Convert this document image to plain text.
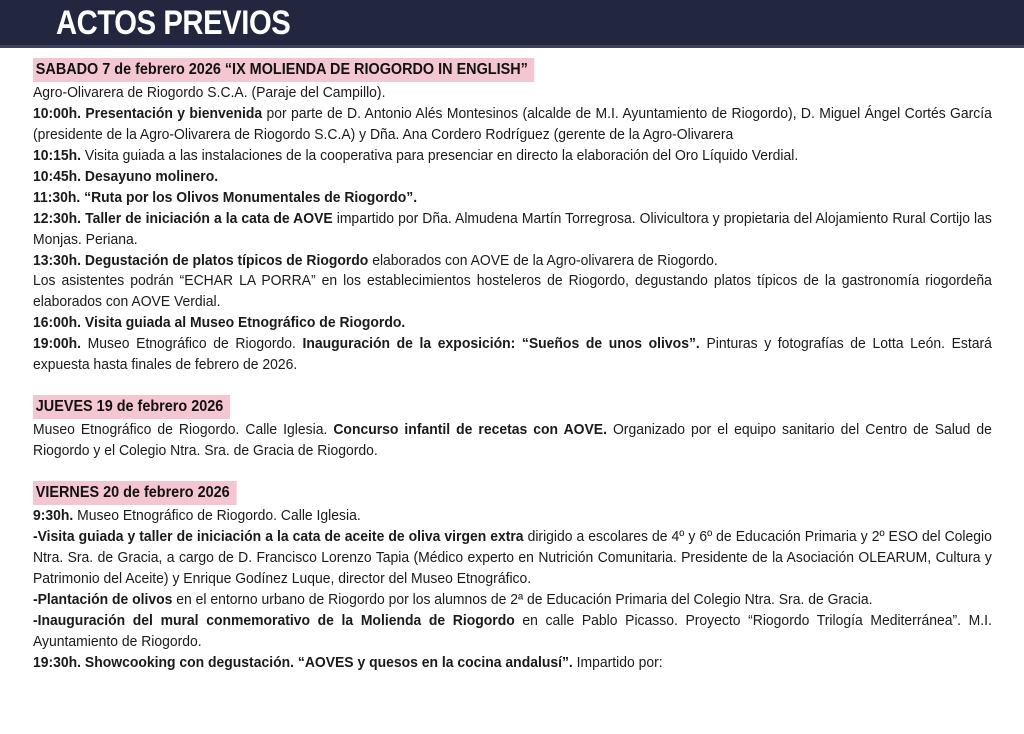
ACTOS PREVIOS
SABADO 7 de febrero 2026 “IX MOLIENDA DE RIOGORDO IN ENGLISH”

Agro-Olivarera de Riogordo S.C.A. (Paraje del Campillo).

10:00h. Presentación y bienvenida por parte de D. Antonio Alés Montesinos (alcalde de M.I. Ayuntamiento de Riogordo), D. Miguel Ángel Cortés García (presidente de la Agro-Olivarera de Riogordo S.C.A) y Dña. Ana Cordero Rodríguez (gerente de la Agro-Olivarera

10:15h. Visita guiada a las instalaciones de la cooperativa para presenciar en directo la elaboración del Oro Líquido Verdial.

10:45h. Desayuno molinero.

11:30h. “Ruta por los Olivos Monumentales de Riogordo”.

12:30h. Taller de iniciación a la cata de AOVE impartido por Dña. Almudena Martín Torregrosa. Olivicultora y propietaria del Alojamiento Rural Cortijo las Monjas. Periana.

13:30h. Degustación de platos típicos de Riogordo elaborados con AOVE de la Agro-olivarera de Riogordo.

Los asistentes podrán “ECHAR LA PORRA” en los establecimientos hosteleros de Riogordo, degustando platos típicos de la gastronomía riogordeña elaborados con AOVE Verdial.

16:00h. Visita guiada al Museo Etnográfico de Riogordo.

19:00h. Museo Etnográfico de Riogordo. Inauguración de la exposición: “Sueños de unos olivos”. Pinturas y fotografías de Lotta León. Estará expuesta hasta finales de febrero de 2026.

JUEVES 19 de febrero 2026

Museo Etnográfico de Riogordo. Calle Iglesia. Concurso infantil de recetas con AOVE. Organizado por el equipo sanitario del Centro de Salud de Riogordo y el Colegio Ntra. Sra. de Gracia de Riogordo.

VIERNES 20 de febrero 2026

9:30h. Museo Etnográfico de Riogordo. Calle Iglesia.

-Visita guiada y taller de iniciación a la cata de aceite de oliva virgen extra dirigido a escolares de 4º y 6º de Educación Primaria y 2º ESO del Colegio Ntra. Sra. de Gracia, a cargo de D. Francisco Lorenzo Tapia (Médico experto en Nutrición Comunitaria. Presidente de la Asociación OLEARUM, Cultura y Patrimonio del Aceite) y Enrique Godínez Luque, director del Museo Etnográfico.

-Plantación de olivos en el entorno urbano de Riogordo por los alumnos de 2ª de Educación Primaria del Colegio Ntra. Sra. de Gracia.

-Inauguración del mural conmemorativo de la Molienda de Riogordo en calle Pablo Picasso. Proyecto “Riogordo Trilogía Mediterránea”. M.I. Ayuntamiento de Riogordo.

19:30h. Showcooking con degustación. “AOVES y quesos en la cocina andalusí”. Impartido por:
